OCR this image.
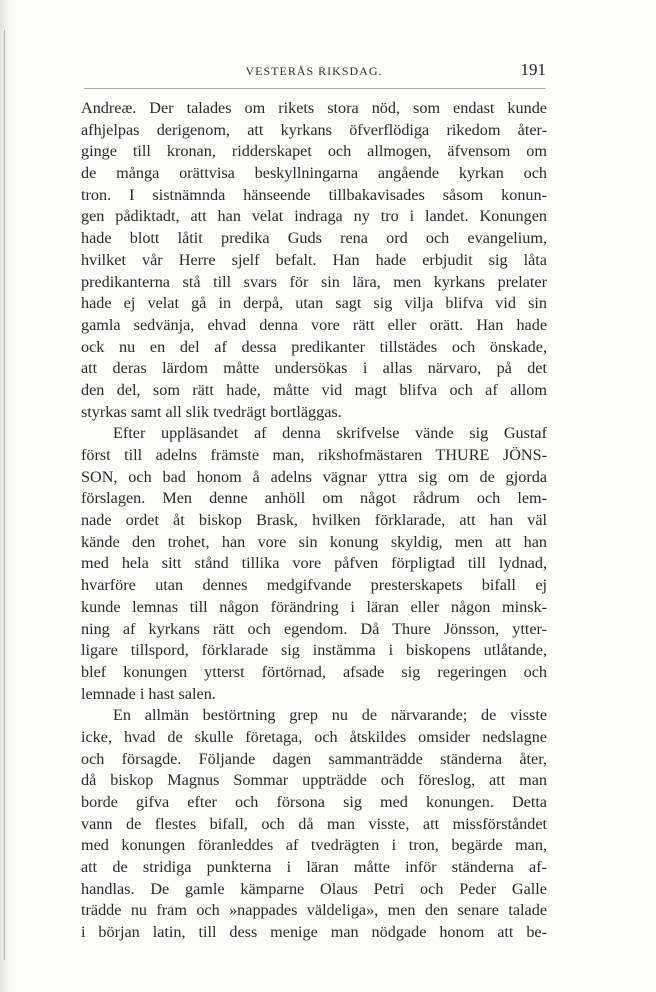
VESTERÅS RIKSDAG.	191
Andreæ. Der talades om rikets stora nöd, som endast kunde
afhjelpas derigenom, att kyrkans öfverflödiga rikedom åter-
ginge till kronan, ridderskapet och allmogen, äfvensom om
de många orättvisa beskyllningarna angående kyrkan och
tron. I sistnämnda hänseende tillbakavisades såsom konun-
gen pådiktadt, att han velat indraga ny tro i landet. Konungen
hade blott låtit predika Guds rena ord och evangelium,
hvilket vår Herre sjelf befalt. Han hade erbjudit sig låta
predikanterna stå till svars för sin lära, men kyrkans prelater
hade ej velat gå in derpå, utan sagt sig vilja blifva vid sin
gamla sedvänja, ehvad denna vore rätt eller orätt. Han hade
ock nu en del af dessa predikanter tillstädes och önskade,
att deras lärdom måtte undersökas i allas närvaro, på det
den del, som rätt hade, måtte vid magt blifva och af allom
styrkas samt all slik tvedrägt bortläggas.
Efter uppläsandet af denna skrifvelse vände sig Gustaf
först till adelns främste man, rikshofmästaren THURE JÖNS-
SON, och bad honom å adelns vägnar yttra sig om de gjorda
förslagen. Men denne anhöll om något rådrum och lem-
nade ordet åt biskop Brask, hvilken förklarade, att han väl
kände den trohet, han vore sin konung skyldig, men att han
med hela sitt stånd tillika vore påfven förpligtad till lydnad,
hvarföre utan dennes medgifvande presterskapets bifall ej
kunde lemnas till någon förändring i läran eller någon minsk-
ning af kyrkans rätt och egendom. Då Thure Jönsson, ytter-
ligare tillspord, förklarade sig instämma i biskopens utlåtande,
blef konungen ytterst förtörnad, afsade sig regeringen och
lemnade i hast salen.
En allmän bestörtning grep nu de närvarande; de visste
icke, hvad de skulle företaga, och åtskildes omsider nedslagne
och försagde. Följande dagen sammanträdde ständerna åter,
då biskop Magnus Sommar uppträdde och föreslog, att man
borde gifva efter och försona sig med konungen. Detta
vann de flestes bifall, och då man visste, att missförståndet
med konungen föranleddes af tvedrägten i tron, begärde man,
att de stridiga punkterna i läran måtte inför ständerna af-
handlas. De gamle kämparne Olaus Petri och Peder Galle
trädde nu fram och »nappades väldeliga», men den senare talade
i början latin, till dess menige man nödgade honom att be-
